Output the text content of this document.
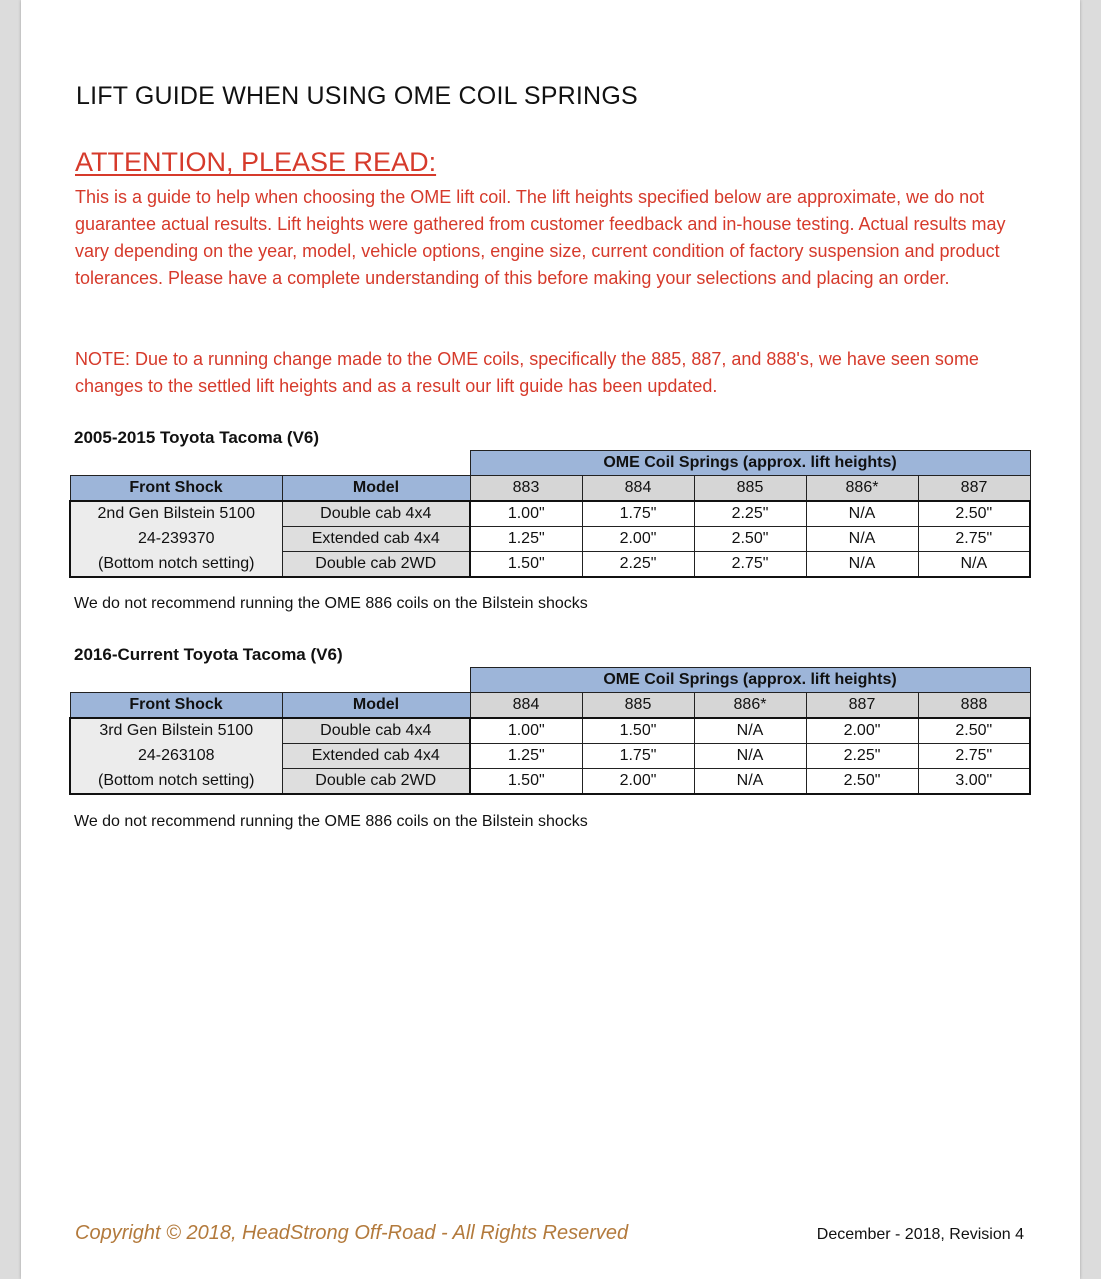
LIFT GUIDE WHEN USING OME COIL SPRINGS
ATTENTION, PLEASE READ:
This is a guide to help when choosing the OME lift coil. The lift heights specified below are approximate, we do not guarantee actual results. Lift heights were gathered from customer feedback and in-house testing. Actual results may vary depending on the year, model, vehicle options, engine size, current condition of factory suspension and product tolerances. Please have a complete understanding of this before making your selections and placing an order.
NOTE: Due to a running change made to the OME coils, specifically the 885, 887, and 888's, we have seen some changes to the settled lift heights and as a result our lift guide has been updated.
2005-2015 Toyota Tacoma (V6)
		OME Coil Springs (approx. lift heights)				
Front Shock	Model	883	884	885	886*	887
2nd Gen Bilstein 5100	Double cab 4x4	1.00"	1.75"	2.25"	N/A	2.50"
24-239370	Extended cab 4x4	1.25"	2.00"	2.50"	N/A	2.75"
(Bottom notch setting)	Double cab 2WD	1.50"	2.25"	2.75"	N/A	N/A
We do not recommend running the OME 886 coils on the Bilstein shocks
2016-Current Toyota Tacoma (V6)
		OME Coil Springs (approx. lift heights)				
Front Shock	Model	884	885	886*	887	888
3rd Gen Bilstein 5100	Double cab 4x4	1.00"	1.50"	N/A	2.00"	2.50"
24-263108	Extended cab 4x4	1.25"	1.75"	N/A	2.25"	2.75"
(Bottom notch setting)	Double cab 2WD	1.50"	2.00"	N/A	2.50"	3.00"
We do not recommend running the OME 886 coils on the Bilstein shocks
Copyright © 2018, HeadStrong Off-Road - All Rights Reserved	December - 2018, Revision 4
